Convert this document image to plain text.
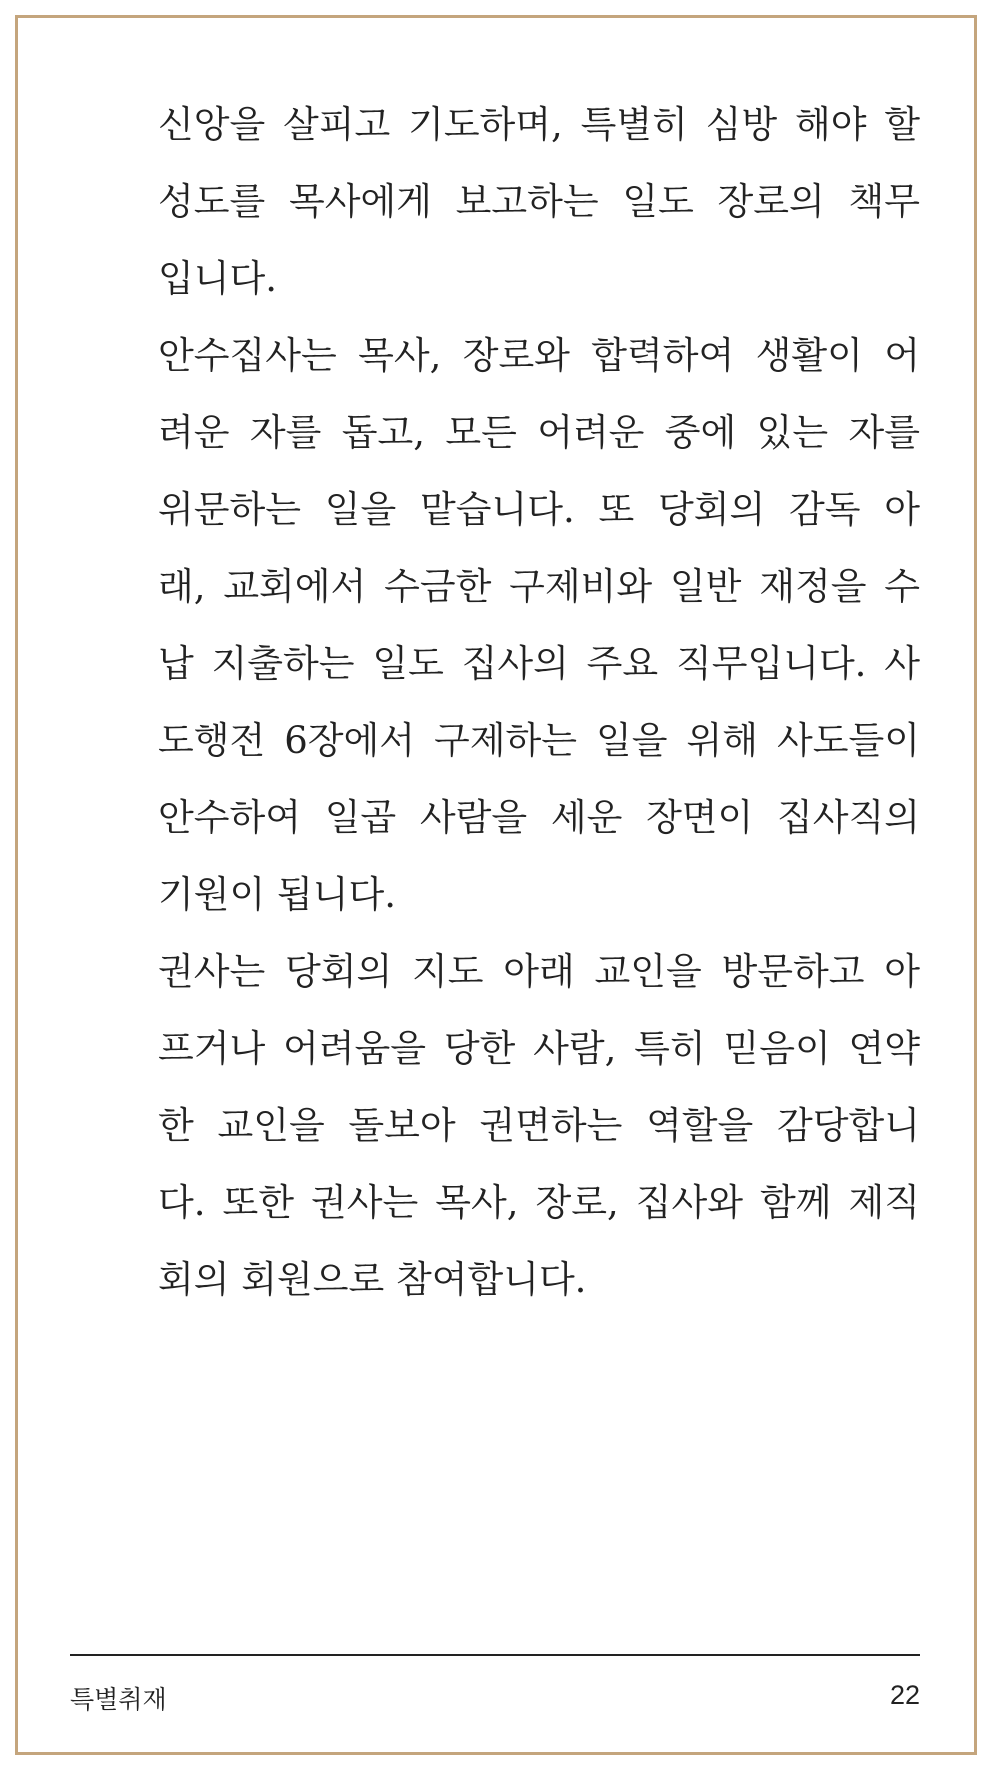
신앙을 살피고 기도하며, 특별히 심방 해야 할
성도를 목사에게 보고하는 일도 장로의 책무
입니다.
안수집사는 목사, 장로와 합력하여 생활이 어
려운 자를 돕고, 모든 어려운 중에 있는 자를
위문하는 일을 맡습니다. 또 당회의 감독 아
래, 교회에서 수금한 구제비와 일반 재정을 수
납 지출하는 일도 집사의 주요 직무입니다. 사
도행전 6장에서 구제하는 일을 위해 사도들이
안수하여 일곱 사람을 세운 장면이 집사직의
기원이 됩니다.
권사는 당회의 지도 아래 교인을 방문하고 아
프거나 어려움을 당한 사람, 특히 믿음이 연약
한 교인을 돌보아 권면하는 역할을 감당합니
다. 또한 권사는 목사, 장로, 집사와 함께 제직
회의 회원으로 참여합니다.
특별취재	22
